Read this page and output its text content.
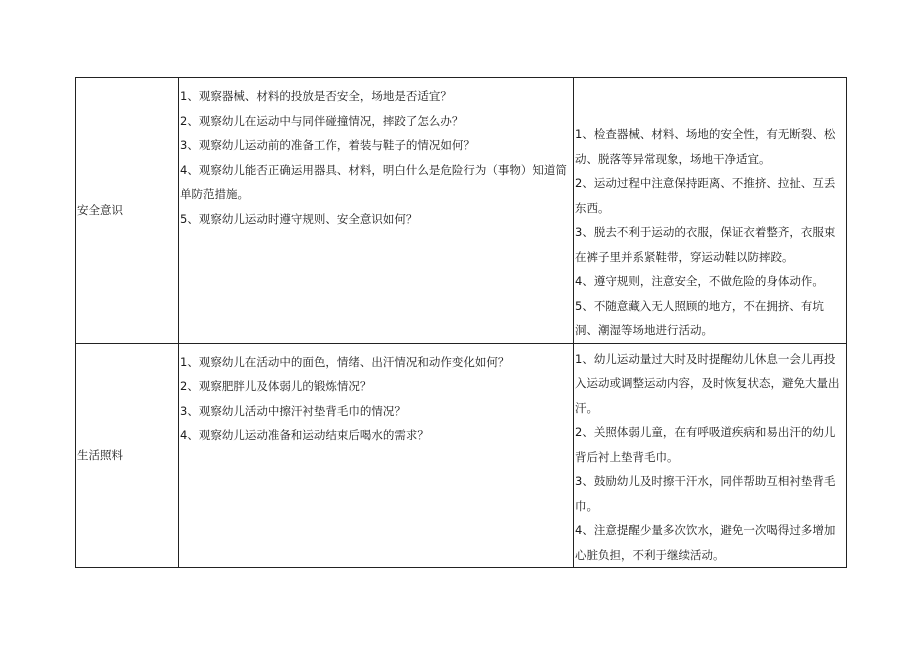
安全意识	1、观察器械、材料的投放是否安全，场地是否适宜？
2、观察幼儿在运动中与同伴碰撞情况，摔跤了怎么办？
3、观察幼儿运动前的准备工作，着装与鞋子的情况如何？
4、观察幼儿能否正确运用器具、材料，明白什么是危险行为（事物）知道简单防范措施。
5、观察幼儿运动时遵守规则、安全意识如何？	1、检查器械、材料、场地的安全性，有无断裂、松动、脱落等异常现象，场地干净适宜。
2、运动过程中注意保持距离、不推挤、拉扯、互丢东西。
3、脱去不利于运动的衣服，保证衣着整齐，衣服束在裤子里并系紧鞋带，穿运动鞋以防摔跤。
4、遵守规则，注意安全，不做危险的身体动作。
5、不随意藏入无人照顾的地方，不在拥挤、有坑洞、潮湿等场地进行活动。

生活照料	1、观察幼儿在活动中的面色，情绪、出汗情况和动作变化如何？
2、观察肥胖儿及体弱儿的锻炼情况？
3、观察幼儿活动中擦汗衬垫背毛巾的情况？
4、观察幼儿运动准备和运动结束后喝水的需求？	1、幼儿运动量过大时及时提醒幼儿休息一会儿再投入运动或调整运动内容，及时恢复状态，避免大量出汗。
2、关照体弱儿童，在有呼吸道疾病和易出汗的幼儿背后衬上垫背毛巾。
3、鼓励幼儿及时擦干汗水，同伴帮助互相衬垫背毛巾。
4、注意提醒少量多次饮水，避免一次喝得过多增加心脏负担，不利于继续活动。
